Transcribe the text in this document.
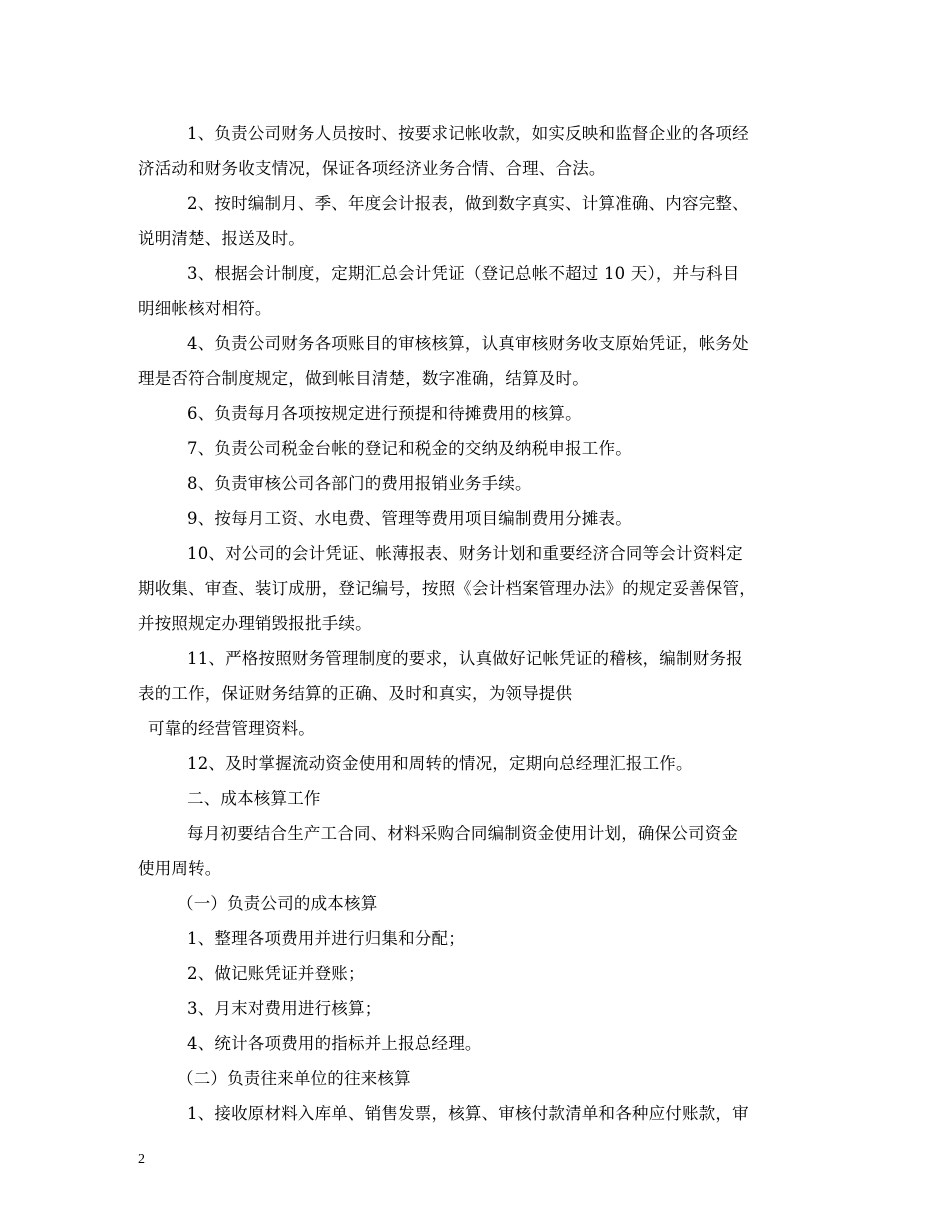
1、负责公司财务人员按时、按要求记帐收款，如实反映和监督企业的各项经
济活动和财务收支情况，保证各项经济业务合情、合理、合法。
2、按时编制月、季、年度会计报表，做到数字真实、计算准确、内容完整、
说明清楚、报送及时。
3、根据会计制度，定期汇总会计凭证（登记总帐不超过 10 天），并与科目
明细帐核对相符。
4、负责公司财务各项账目的审核核算，认真审核财务收支原始凭证，帐务处
理是否符合制度规定，做到帐目清楚，数字准确，结算及时。
6、负责每月各项按规定进行预提和待摊费用的核算。
7、负责公司税金台帐的登记和税金的交纳及纳税申报工作。
8、负责审核公司各部门的费用报销业务手续。
9、按每月工资、水电费、管理等费用项目编制费用分摊表。
10、对公司的会计凭证、帐薄报表、财务计划和重要经济合同等会计资料定
期收集、审查、装订成册，登记编号，按照《会计档案管理办法》的规定妥善保管，
并按照规定办理销毁报批手续。
11、严格按照财务管理制度的要求，认真做好记帐凭证的稽核，编制财务报
表的工作，保证财务结算的正确、及时和真实，为领导提供
可靠的经营管理资料。
12、及时掌握流动资金使用和周转的情况，定期向总经理汇报工作。
二、成本核算工作
每月初要结合生产工合同、材料采购合同编制资金使用计划，确保公司资金
使用周转。
（一）负责公司的成本核算
1、整理各项费用并进行归集和分配；
2、做记账凭证并登账；
3、月末对费用进行核算；
4、统计各项费用的指标并上报总经理。
（二）负责往来单位的往来核算
1、接收原材料入库单、销售发票，核算、审核付款清单和各种应付账款，审
2
